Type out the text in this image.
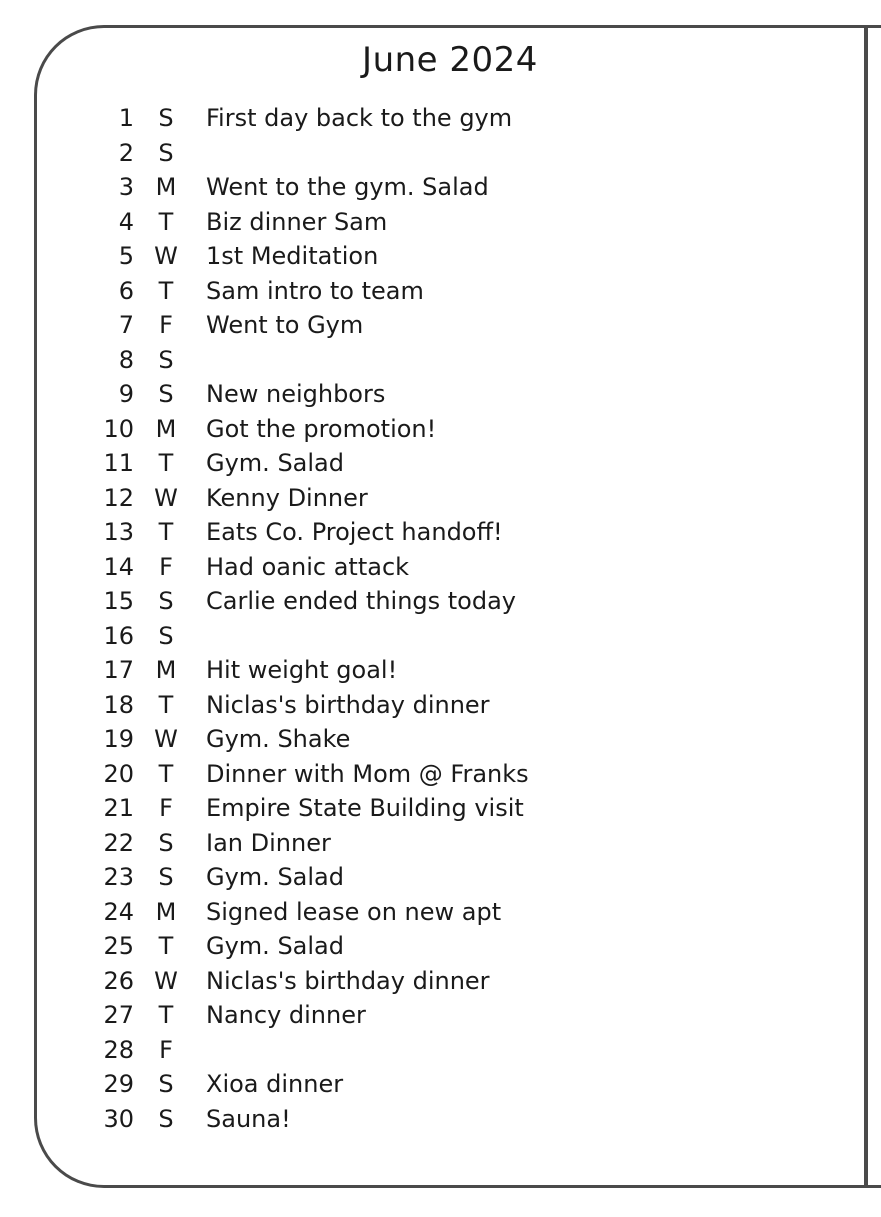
June 2024
1	S	First day back to the gym
2	S
3 M	Went to the gym. Salad
4	T	Biz dinner Sam
5 W	1st Meditation
6	T	Sam intro to team
7	F	Went to Gym
8	S
9	S	New neighbors
10 M	Got the promotion!
11	T	Gym. Salad
12 W	Kenny Dinner
13	T	Eats Co. Project handoff!
14	F	Had oanic attack
15	S	Carlie ended things today
16	S
17 M	Hit weight goal!
18	T	Niclas's birthday dinner
19 W	Gym. Shake
20	T	Dinner with Mom @ Franks
21	F	Empire State Building visit
22	S	Ian Dinner
23	S	Gym. Salad
24 M	Signed lease on new apt
25	T	Gym. Salad
26 W	Niclas's birthday dinner
27	T	Nancy dinner
28	F
29	S	Xioa dinner
30	S	Sauna!
